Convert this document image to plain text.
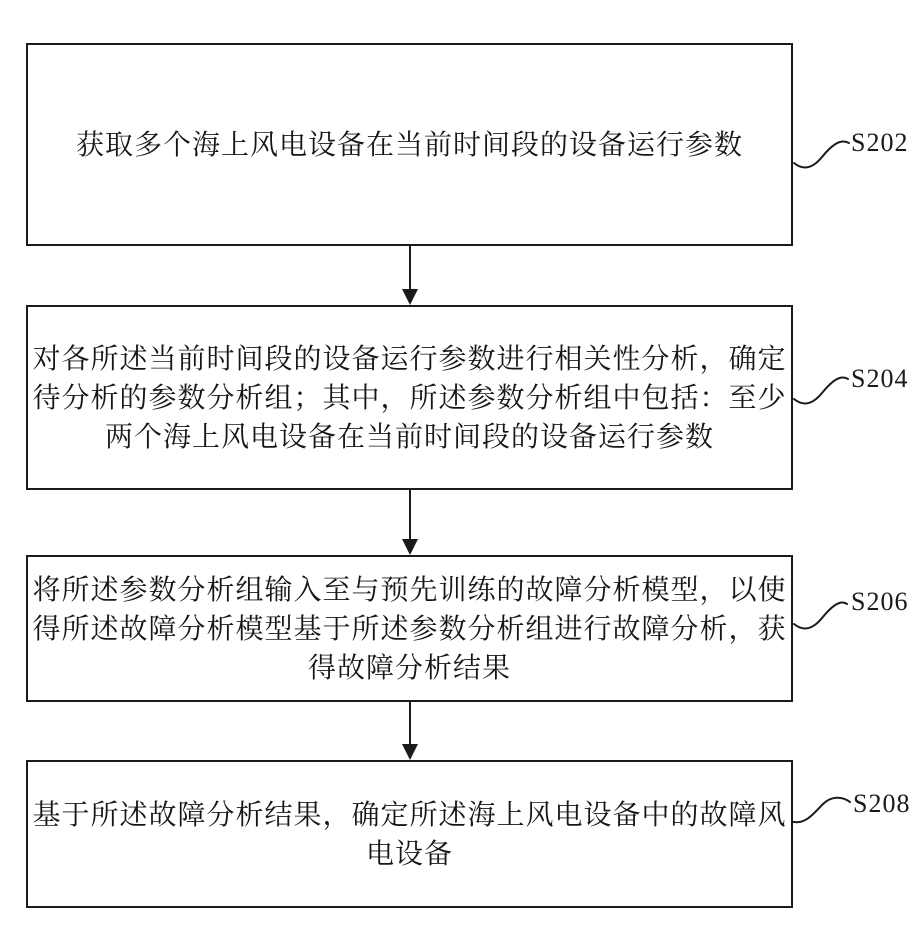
获取多个海上风电设备在当前时间段的设备运行参数
对各所述当前时间段的设备运行参数进行相关性分析，确定
待分析的参数分析组；其中，所述参数分析组中包括：至少
两个海上风电设备在当前时间段的设备运行参数
将所述参数分析组输入至与预先训练的故障分析模型，以使
得所述故障分析模型基于所述参数分析组进行故障分析，获
得故障分析结果
基于所述故障分析结果，确定所述海上风电设备中的故障风
电设备
S202
S204
S206
S208
